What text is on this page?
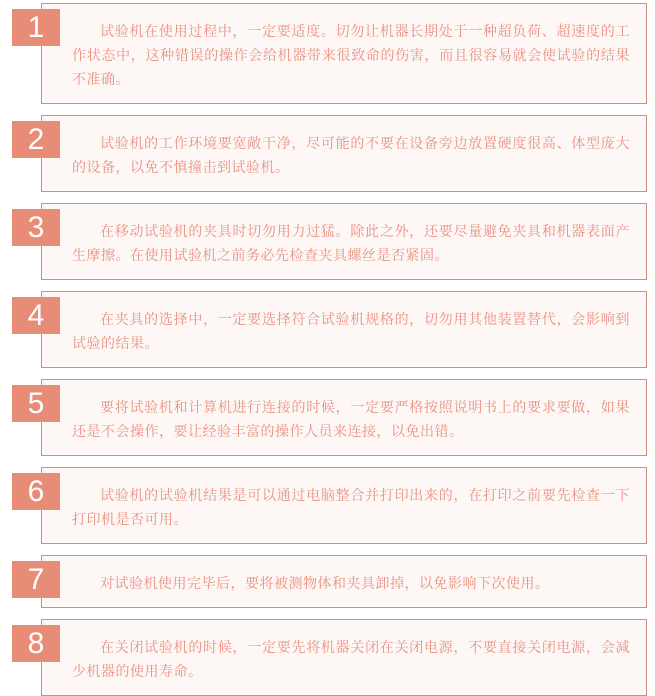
试验机在使用过程中，一定要适度。切勿让机器长期处于一种超负荷、超速度的工作状态中，这种错误的操作会给机器带来很致命的伤害，而且很容易就会使试验的结果不准确。
1
试验机的工作环境要宽敞干净，尽可能的不要在设备旁边放置硬度很高、体型庞大的设备，以免不慎撞击到试验机。
2
在移动试验机的夹具时切勿用力过猛。除此之外，还要尽量避免夹具和机器表面产生摩擦。在使用试验机之前务必先检查夹具螺丝是否紧固。
3
在夹具的选择中，一定要选择符合试验机规格的，切勿用其他装置替代，会影响到试验的结果。
4
要将试验机和计算机进行连接的时候，一定要严格按照说明书上的要求要做，如果还是不会操作，要让经验丰富的操作人员来连接，以免出错。
5
试验机的试验机结果是可以通过电脑整合并打印出来的，在打印之前要先检查一下打印机是否可用。
6
对试验机使用完毕后，要将被测物体和夹具卸掉，以免影响下次使用。
7
在关闭试验机的时候，一定要先将机器关闭在关闭电源，不要直接关闭电源，会减少机器的使用寿命。
8
